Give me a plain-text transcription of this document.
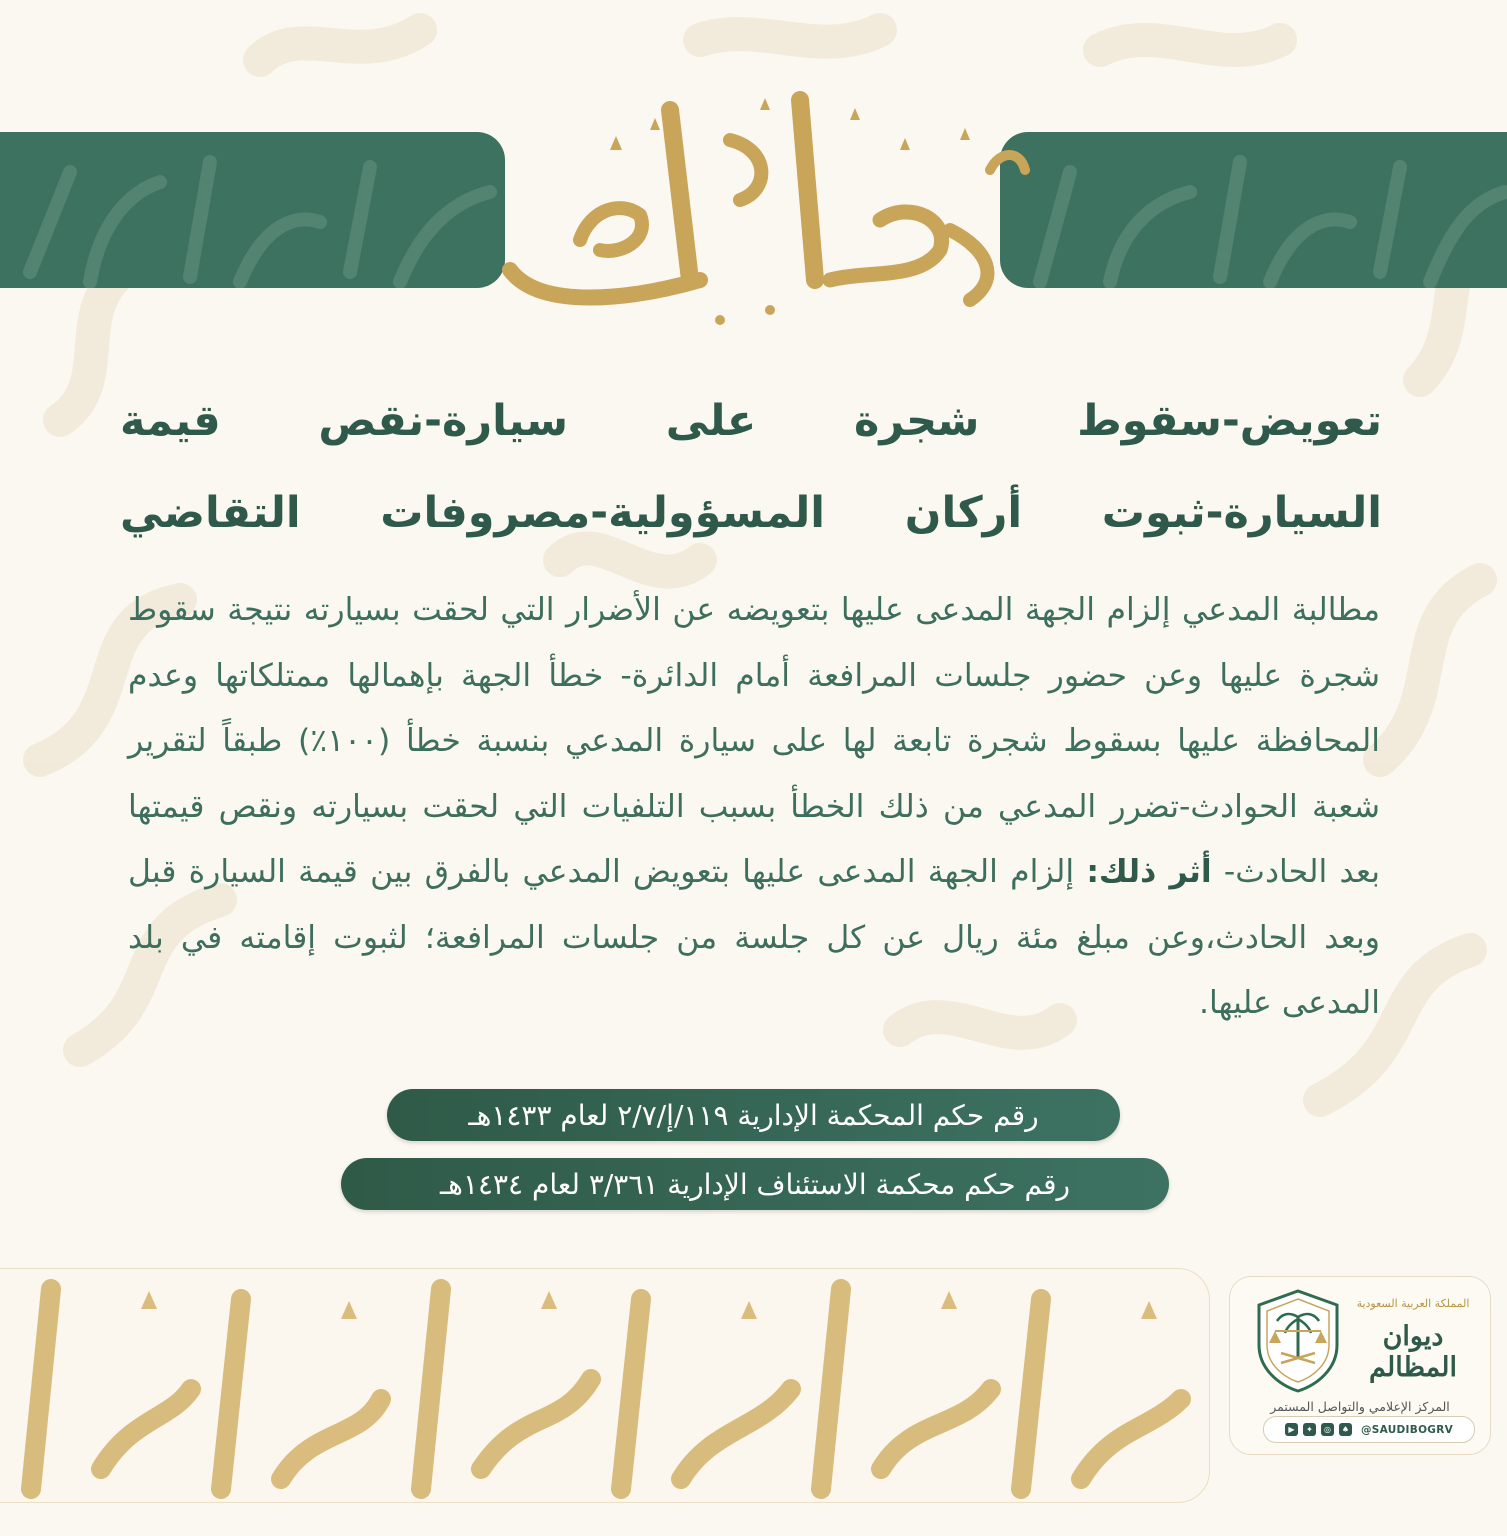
تعويض-سقوط شجرة على سيارة-نقص قيمة
السيارة-ثبوت أركان المسؤولية-مصروفات التقاضي

مطالبة المدعي إلزام الجهة المدعى عليها بتعويضه عن الأضرار التي لحقت بسيارته نتيجة سقوط شجرة عليها وعن حضور جلسات المرافعة أمام الدائرة- خطأ الجهة بإهمالها ممتلكاتها وعدم المحافظة عليها بسقوط شجرة تابعة لها على سيارة المدعي بنسبة خطأ (١٠٠٪) طبقاً لتقرير شعبة الحوادث-تضرر المدعي من ذلك الخطأ بسبب التلفيات التي لحقت بسيارته ونقص قيمتها بعد الحادث- أثر ذلك: إلزام الجهة المدعى عليها بتعويض المدعي بالفرق بين قيمة السيارة قبل وبعد الحادث،وعن مبلغ مئة ريال عن كل جلسة من جلسات المرافعة؛ لثبوت إقامته في بلد المدعى عليها.

رقم حكم المحكمة الإدارية ١١٩/إ/٢/٧ لعام ١٤٣٣هـ
رقم حكم محكمة الاستئناف الإدارية ٣/٣٦١ لعام ١٤٣٤هـ
المملكة العربية السعودية
ديوان المظالم
المركز الإعلامي والتواصل المستمر
▶	✦	◎	♠ @SAUDIBOGRV
